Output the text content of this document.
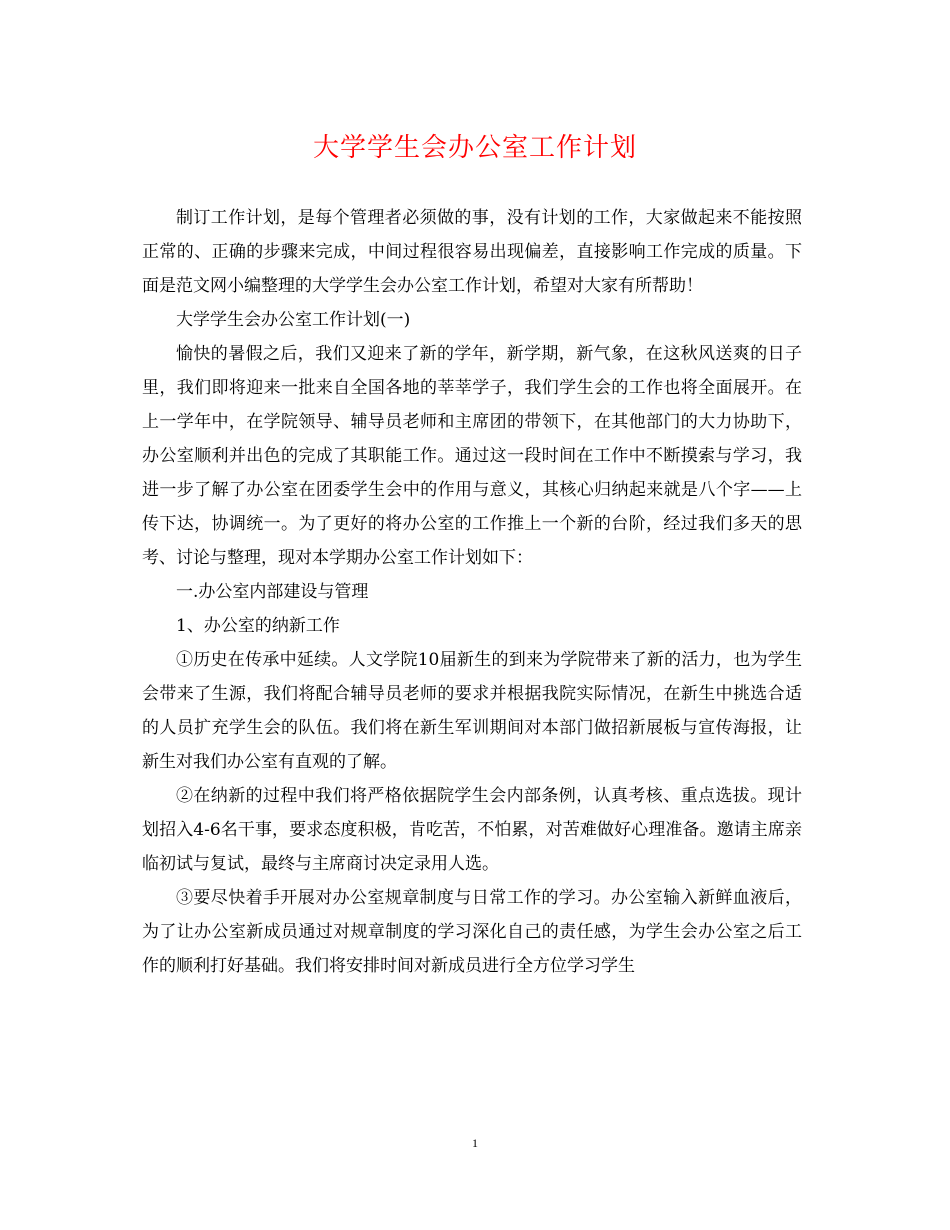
大学学生会办公室工作计划

制订工作计划，是每个管理者必须做的事，没有计划的工作，大家做起来不能按照正常的、正确的步骤来完成，中间过程很容易出现偏差，直接影响工作完成的质量。下面是范文网小编整理的大学学生会办公室工作计划，希望对大家有所帮助！

大学学生会办公室工作计划(一)

愉快的暑假之后，我们又迎来了新的学年，新学期，新气象，在这秋风送爽的日子里，我们即将迎来一批来自全国各地的莘莘学子，我们学生会的工作也将全面展开。在上一学年中，在学院领导、辅导员老师和主席团的带领下，在其他部门的大力协助下，办公室顺利并出色的完成了其职能工作。通过这一段时间在工作中不断摸索与学习，我进一步了解了办公室在团委学生会中的作用与意义，其核心归纳起来就是八个字——上传下达，协调统一。为了更好的将办公室的工作推上一个新的台阶，经过我们多天的思考、讨论与整理，现对本学期办公室工作计划如下：

一.办公室内部建设与管理

1、办公室的纳新工作

①历史在传承中延续。人文学院10届新生的到来为学院带来了新的活力，也为学生会带来了生源，我们将配合辅导员老师的要求并根据我院实际情况，在新生中挑选合适的人员扩充学生会的队伍。我们将在新生军训期间对本部门做招新展板与宣传海报，让新生对我们办公室有直观的了解。

②在纳新的过程中我们将严格依据院学生会内部条例，认真考核、重点选拔。现计划招入4-6名干事，要求态度积极，肯吃苦，不怕累，对苦难做好心理准备。邀请主席亲临初试与复试，最终与主席商讨决定录用人选。

③要尽快着手开展对办公室规章制度与日常工作的学习。办公室输入新鲜血液后，为了让办公室新成员通过对规章制度的学习深化自己的责任感，为学生会办公室之后工作的顺利打好基础。我们将安排时间对新成员进行全方位学习学生

1
